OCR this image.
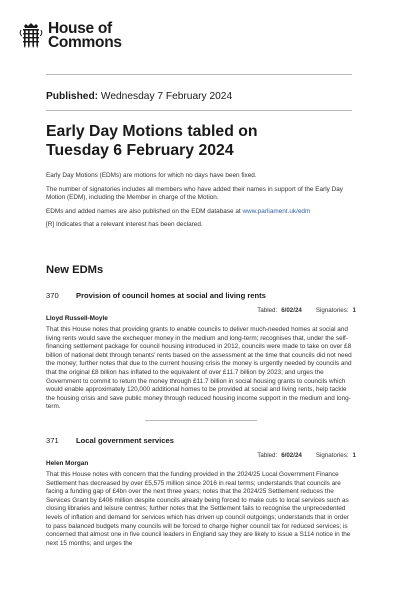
House of
Commons
Published: Wednesday 7 February 2024
Early Day Motions tabled on
Tuesday 6 February 2024

Early Day Motions (EDMs) are motions for which no days have been fixed.

The number of signatories includes all members who have added their names in support of the Early Day Motion (EDM), including the Member in charge of the Motion.

EDMs and added names are also published on the EDM database at www.parliament.uk/edm

[R] Indicates that a relevant interest has been declared.

New EDMs
370	Provision of council homes at social and living rents
Tabled: 6/02/24 Signatories: 1
Lloyd Russell-Moyle
That this House notes that providing grants to enable councils to deliver much-needed homes at social and living rents would save the exchequer money in the medium and long-term; recognises that, under the self-financing settlement package for council housing introduced in 2012, councils were made to take on over £8 billion of national debt through tenants' rents based on the assessment at the time that councils did not need the money; further notes that due to the current housing crisis the money is urgently needed by councils and that the original £8 billion has inflated to the equivalent of over £11.7 billion by 2023; and urges the Government to commit to return the money through £11.7 billion in social housing grants to councils which would enable approximately 120,000 additional homes to be provided at social and living rents, help tackle the housing crisis and save public money through reduced housing income support in the medium and long-term.
371	Local government services
Tabled: 6/02/24 Signatories: 1
Helen Morgan
That this House notes with concern that the funding provided in the 2024/25 Local Government Finance Settlement has decreased by over £5,575 million since 2016 in real terms; understands that councils are facing a funding gap of £4bn over the next three years; notes that the 2024/25 Settlement reduces the Services Grant by £406 million despite councils already being forced to make cuts to local services such as closing libraries and leisure centres; further notes that the Settlement fails to recognise the unprecedented levels of inflation and demand for services which has driven up council outgoings; understands that in order to pass balanced budgets many councils will be forced to charge higher council tax for reduced services; is concerned that almost one in five council leaders in England say they are likely to issue a S114 notice in the next 15 months; and urges the
